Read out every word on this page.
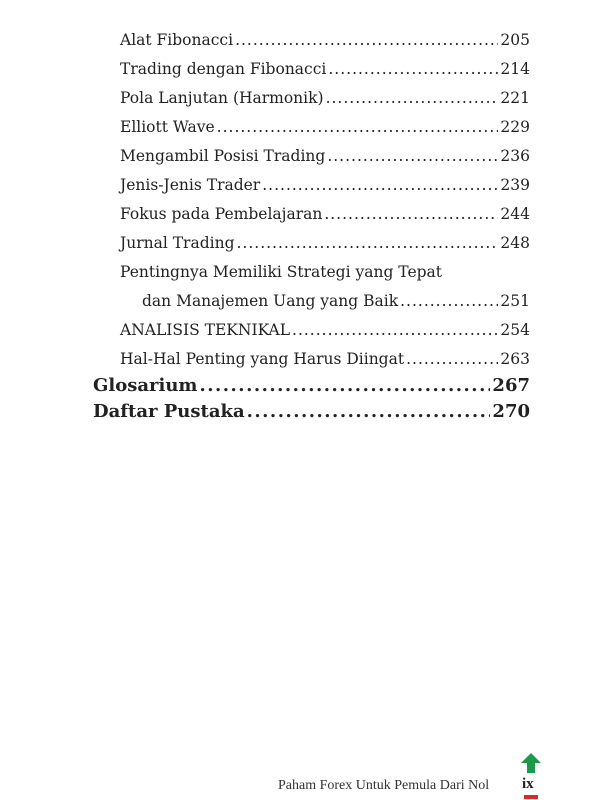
Alat Fibonacci .....	205
Trading dengan Fibonacci .....	214
Pola Lanjutan (Harmonik) .....	221
Elliott Wave .....	229
Mengambil Posisi Trading .....	236
Jenis-Jenis Trader .....	239
Fokus pada Pembelajaran .....	244
Jurnal Trading .....	248
Pentingnya Memiliki Strategi yang Tepat
dan Manajemen Uang yang Baik .....	251
ANALISIS TEKNIKAL .....	254
Hal-Hal Penting yang Harus Diingat .....	263
Glosarium .....	267
Daftar Pustaka .....	270
Paham Forex Untuk Pemula Dari Nol ix
